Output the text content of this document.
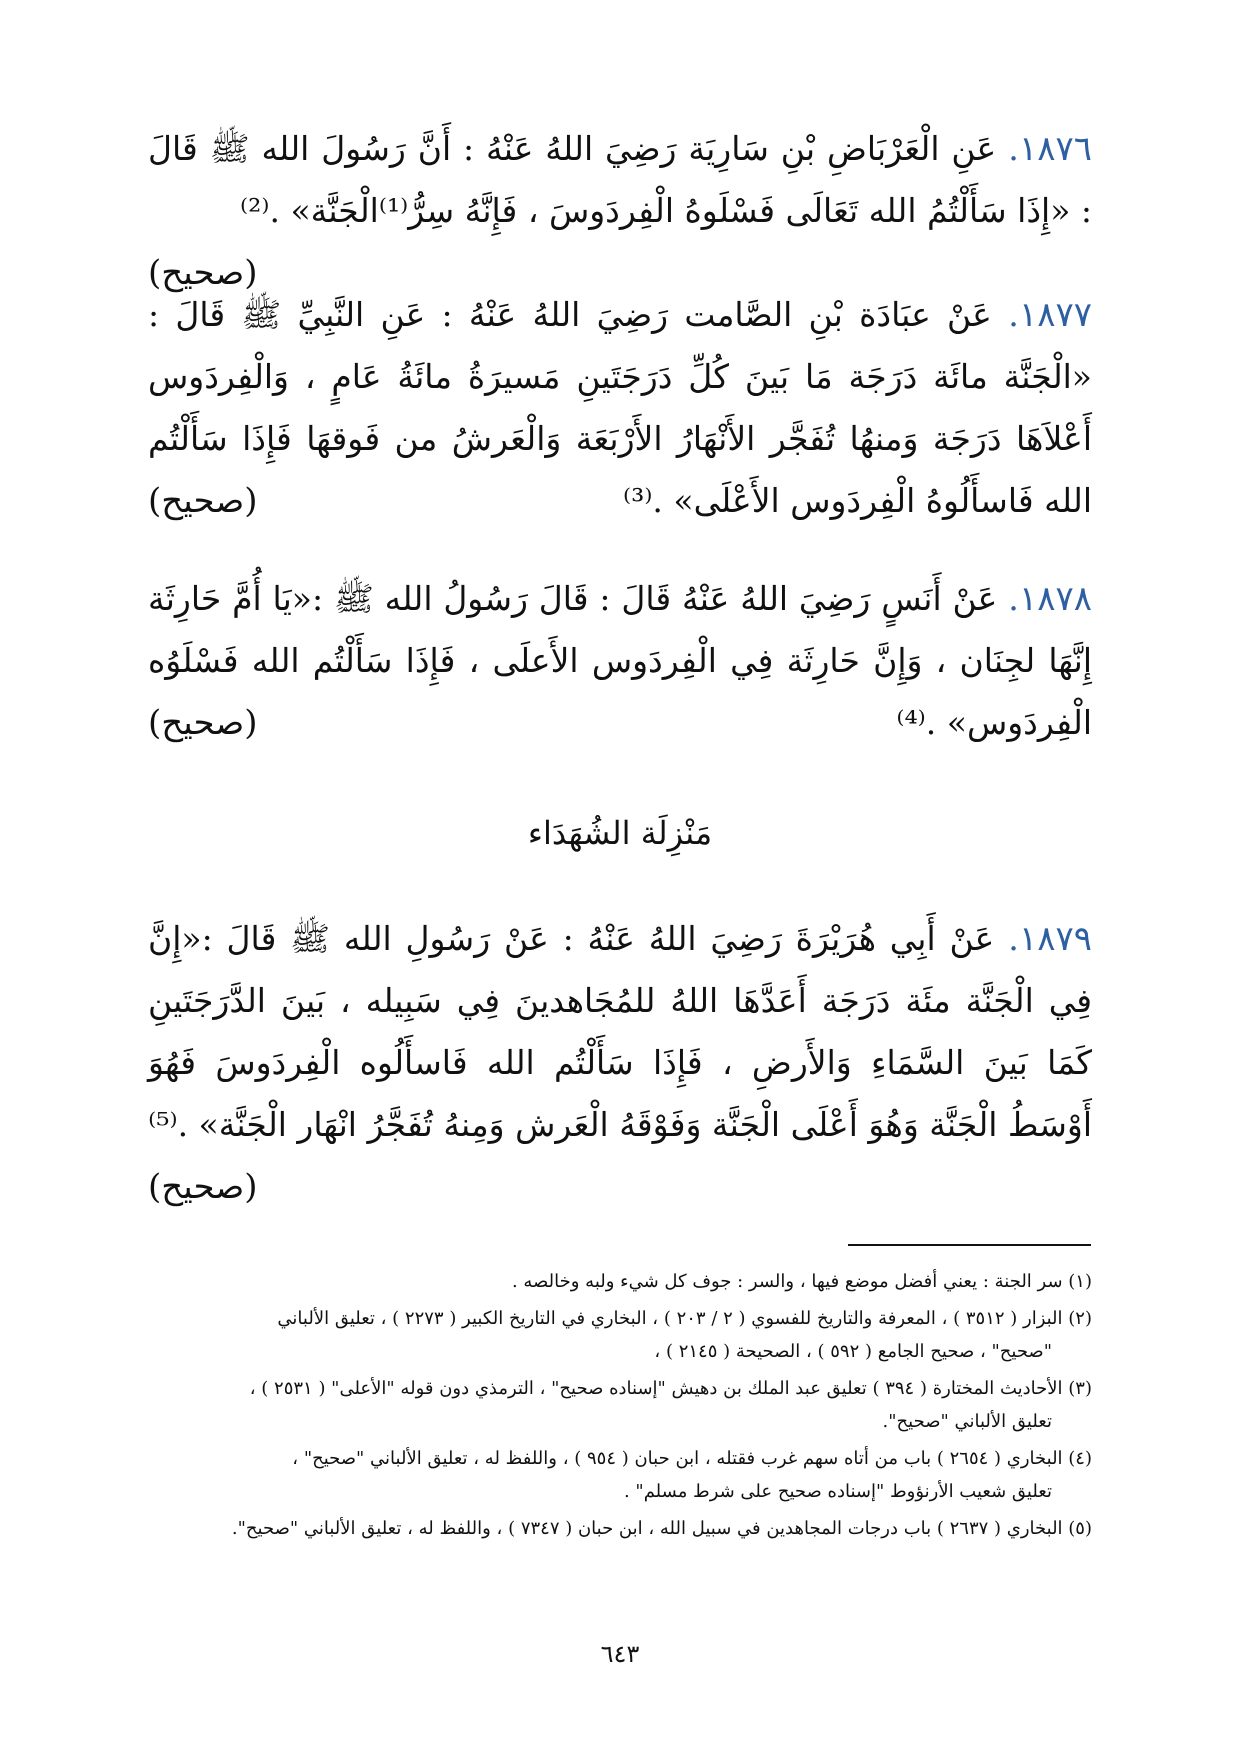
١٨٧٦. عَنِ الْعَرْبَاضِ بْنِ سَارِيَة رَضِيَ اللهُ عَنْهُ : أَنَّ رَسُولَ الله ﷺ قَالَ : «إِذَا سَأَلْتُمُ الله تَعَالَى فَسْلَوهُ الْفِردَوسَ ، فَإِنَّهُ سِرُّ⁽¹⁾الْجَنَّة» .⁽²⁾
(صحيح)
١٨٧٧. عَنْ عبَادَة بْنِ الصَّامت رَضِيَ اللهُ عَنْهُ : عَنِ النَّبِيِّ ﷺ قَالَ : «الْجَنَّة مائَة دَرَجَة مَا بَينَ كُلِّ دَرَجَتَينِ مَسيرَةُ مائَةُ عَامٍ ، وَالْفِردَوس أَعْلاَهَا دَرَجَة وَمنهُا تُفَجَّر الأَنْهَارُ الأَرْبَعَة وَالْعَرشُ من فَوقهَا فَإِذَا سَأَلْتُم الله فَاسأَلُوهُ الْفِردَوس الأَعْلَى» .⁽³⁾
(صحيح)
١٨٧٨. عَنْ أَنَسٍ رَضِيَ اللهُ عَنْهُ قَالَ : قَالَ رَسُولُ الله ﷺ :«يَا أُمَّ حَارِثَة إِنَّهَا لجِنَان ، وَإِنَّ حَارِثَة فِي الْفِردَوس الأَعلَى ، فَإِذَا سَأَلْتُم الله فَسْلَوُه الْفِردَوس» .⁽⁴⁾
(صحيح)
مَنْزِلَة الشُهَدَاء
١٨٧٩. عَنْ أَبِي هُرَيْرَةَ رَضِيَ اللهُ عَنْهُ : عَنْ رَسُولِ الله ﷺ قَالَ :«إِنَّ فِي الْجَنَّة مئَة دَرَجَة أَعَدَّهَا اللهُ للمُجَاهدينَ فِي سَبِيله ، بَينَ الدَّرَجَتَينِ كَمَا بَينَ السَّمَاءِ وَالأَرضِ ، فَإِذَا سَأَلْتُم الله فَاسأَلُوه الْفِردَوسَ فَهُوَ أَوْسَطُ الْجَنَّة وَهُوَ أَعْلَى الْجَنَّة وَفَوْقَهُ الْعَرش وَمِنهُ تُفَجَّرُ انْهَار الْجَنَّة» .⁽⁵⁾
(صحيح)
(١) سر الجنة : يعني أفضل موضع فيها ، والسر : جوف كل شيء ولبه وخالصه .
(٢) البزار ( ٣٥١٢ ) ، المعرفة والتاريخ للفسوي ( ٢ / ٢٠٣ ) ، البخاري في التاريخ الكبير ( ٢٢٧٣ ) ، تعليق الألباني
"صحيح" ، صحيح الجامع ( ٥٩٢ ) ، الصحيحة ( ٢١٤٥ ) ،
(٣) الأحاديث المختارة ( ٣٩٤ ) تعليق عبد الملك بن دهيش "إسناده صحيح" ، الترمذي دون قوله "الأعلى" ( ٢٥٣١ ) ،
تعليق الألباني "صحيح".
(٤) البخاري ( ٢٦٥٤ ) باب من أتاه سهم غرب فقتله ، ابن حبان ( ٩٥٤ ) ، واللفظ له ، تعليق الألباني "صحيح" ،
تعليق شعيب الأرنؤوط "إسناده صحيح على شرط مسلم" .
(٥) البخاري ( ٢٦٣٧ ) باب درجات المجاهدين في سبيل الله ، ابن حبان ( ٧٣٤٧ ) ، واللفظ له ، تعليق الألباني "صحيح".
٦٤٣
